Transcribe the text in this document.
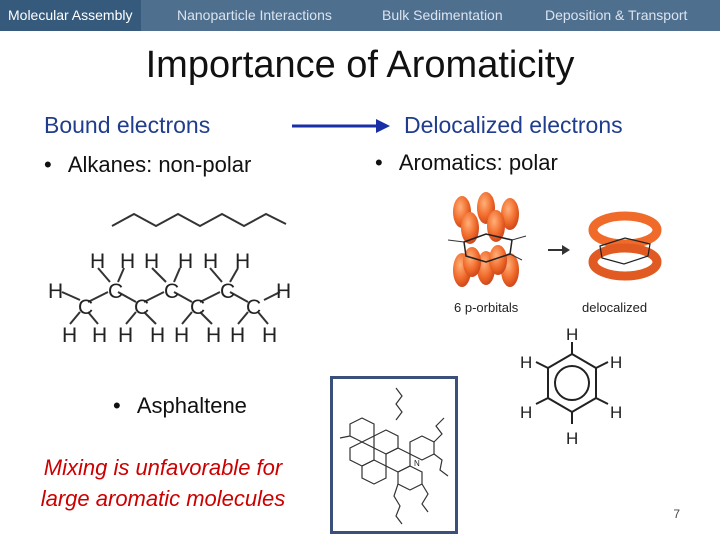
Molecular Assembly	Nanoparticle Interactions	Bulk Sedimentation	Deposition & Transport
Importance of Aromaticity
Bound electrons	Delocalized electrons
• Alkanes: non-polar	• Aromatics: polar
H H H H H H
H C C C H
C C C C
H H H H H H H H
6 p-orbitals	delocalized
H
H
H
H
H
H
• Asphaltene
Mixing is unfavorable for
large aromatic molecules
N
7
